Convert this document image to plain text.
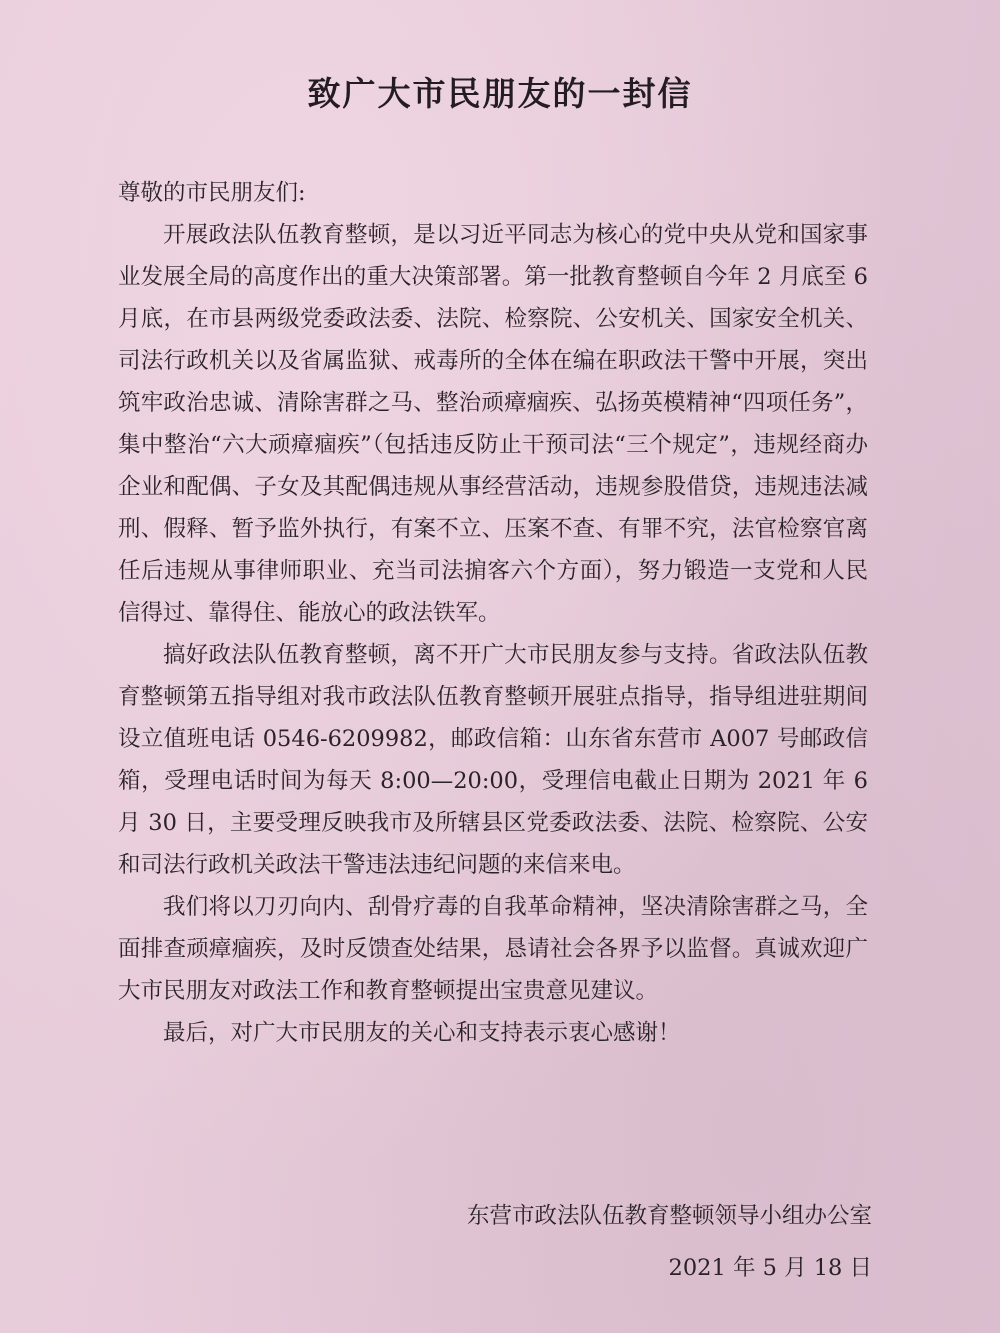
致广大市民朋友的一封信

尊敬的市民朋友们:

开展政法队伍教育整顿，是以习近平同志为核心的党中央从党和国家事业发展全局的高度作出的重大决策部署。第一批教育整顿自今年 2 月底至 6 月底，在市县两级党委政法委、法院、检察院、公安机关、国家安全机关、司法行政机关以及省属监狱、戒毒所的全体在编在职政法干警中开展，突出筑牢政治忠诚、清除害群之马、整治顽瘴痼疾、弘扬英模精神“四项任务”，集中整治“六大顽瘴痼疾”（包括违反防止干预司法“三个规定”，违规经商办企业和配偶、子女及其配偶违规从事经营活动，违规参股借贷，违规违法减刑、假释、暂予监外执行，有案不立、压案不查、有罪不究，法官检察官离任后违规从事律师职业、充当司法掮客六个方面），努力锻造一支党和人民信得过、靠得住、能放心的政法铁军。

搞好政法队伍教育整顿，离不开广大市民朋友参与支持。省政法队伍教育整顿第五指导组对我市政法队伍教育整顿开展驻点指导，指导组进驻期间设立值班电话 0546-6209982，邮政信箱：山东省东营市 A007 号邮政信箱，受理电话时间为每天 8:00—20:00，受理信电截止日期为 2021 年 6 月 30 日，主要受理反映我市及所辖县区党委政法委、法院、检察院、公安和司法行政机关政法干警违法违纪问题的来信来电。

我们将以刀刃向内、刮骨疗毒的自我革命精神，坚决清除害群之马，全面排查顽瘴痼疾，及时反馈查处结果，恳请社会各界予以监督。真诚欢迎广大市民朋友对政法工作和教育整顿提出宝贵意见建议。

最后，对广大市民朋友的关心和支持表示衷心感谢！

东营市政法队伍教育整顿领导小组办公室
2021 年 5 月 18 日
